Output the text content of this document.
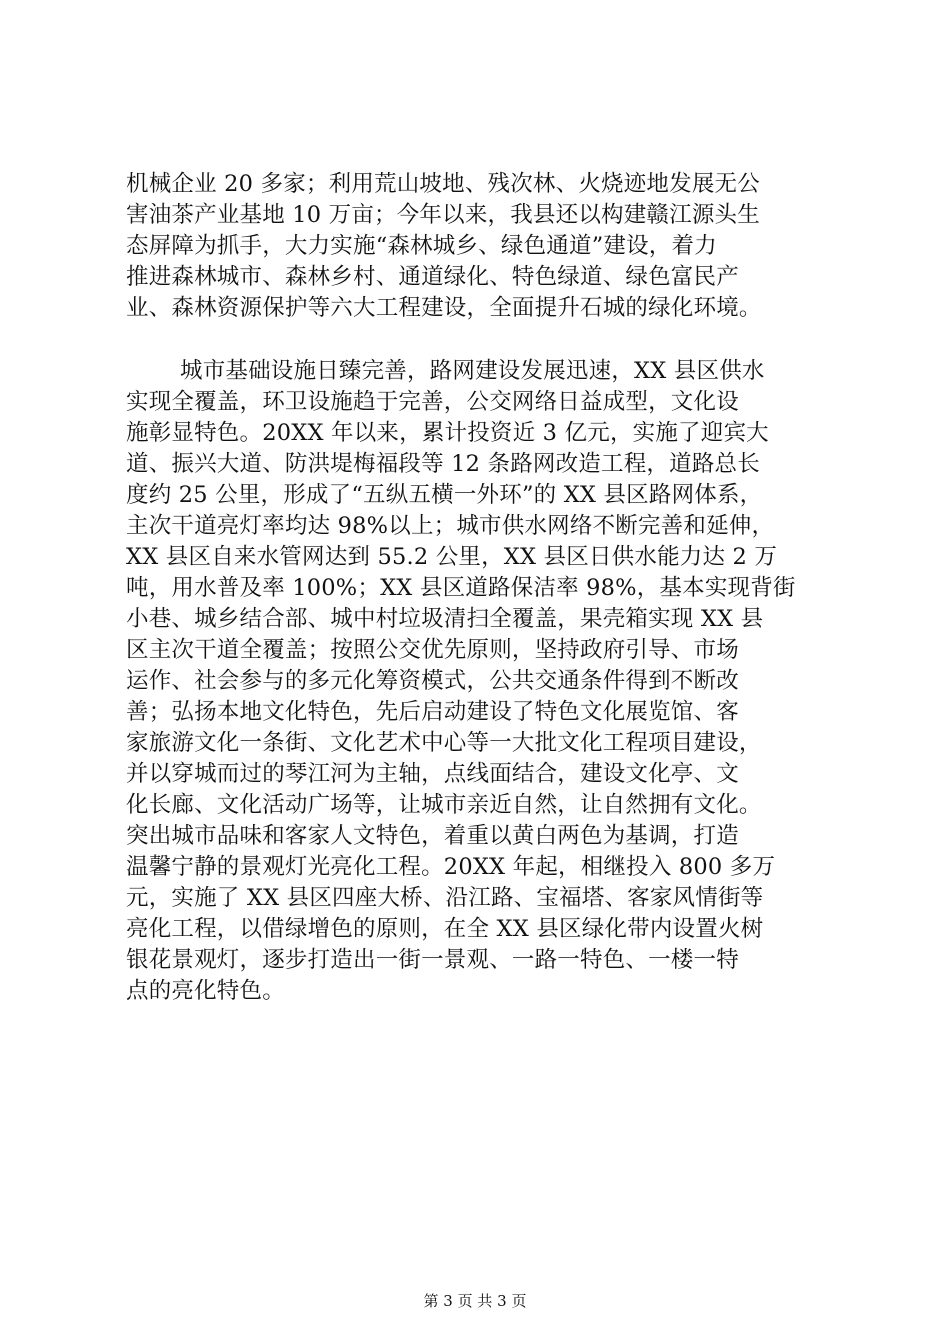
机械企业 20 多家；利用荒山坡地、残次林、火烧迹地发展无公
害油茶产业基地 10 万亩；今年以来，我县还以构建赣江源头生
态屏障为抓手，大力实施“森林城乡、绿色通道”建设，着力
推进森林城市、森林乡村、通道绿化、特色绿道、绿色富民产
业、森林资源保护等六大工程建设，全面提升石城的绿化环境。
城市基础设施日臻完善，路网建设发展迅速，XX 县区供水
实现全覆盖，环卫设施趋于完善，公交网络日益成型，文化设
施彰显特色。20XX 年以来，累计投资近 3 亿元，实施了迎宾大
道、振兴大道、防洪堤梅福段等 12 条路网改造工程，道路总长
度约 25 公里，形成了“五纵五横一外环”的 XX 县区路网体系，
主次干道亮灯率均达 98%以上；城市供水网络不断完善和延伸，
XX 县区自来水管网达到 55.2 公里，XX 县区日供水能力达 2 万
吨，用水普及率 100%；XX 县区道路保洁率 98%，基本实现背街
小巷、城乡结合部、城中村垃圾清扫全覆盖，果壳箱实现 XX 县
区主次干道全覆盖；按照公交优先原则，坚持政府引导、市场
运作、社会参与的多元化筹资模式，公共交通条件得到不断改
善；弘扬本地文化特色，先后启动建设了特色文化展览馆、客
家旅游文化一条街、文化艺术中心等一大批文化工程项目建设，
并以穿城而过的琴江河为主轴，点线面结合，建设文化亭、文
化长廊、文化活动广场等，让城市亲近自然，让自然拥有文化。
突出城市品味和客家人文特色，着重以黄白两色为基调，打造
温馨宁静的景观灯光亮化工程。20XX 年起，相继投入 800 多万
元，实施了 XX 县区四座大桥、沿江路、宝福塔、客家风情街等
亮化工程，以借绿增色的原则，在全 XX 县区绿化带内设置火树
银花景观灯，逐步打造出一街一景观、一路一特色、一楼一特
点的亮化特色。
第 3 页 共 3 页
